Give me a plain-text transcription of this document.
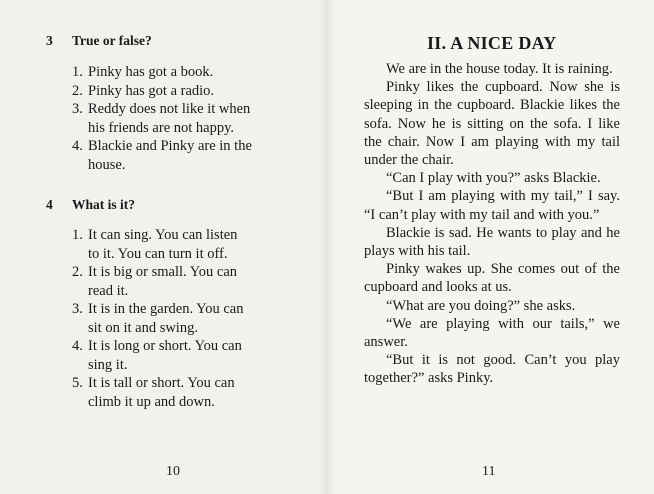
3 True or false?
1. Pinky has got a book.
2. Pinky has got a radio.
3. Reddy does not like it when
his friends are not happy.
4. Blackie and Pinky are in the
house.
4 What is it?
1. It can sing. You can listen
to it. You can turn it off.
2. It is big or small. You can
read it.
3. It is in the garden. You can
sit on it and swing.
4. It is long or short. You can
sing it.
5. It is tall or short. You can
climb it up and down.
10
II. A NICE DAY

We are in the house today. It is raining.

Pinky likes the cupboard. Now she is sleeping in the cupboard. Blackie likes the sofa. Now he is sitting on the sofa. I like the chair. Now I am playing with my tail under the chair.

“Can I play with you?” asks Blackie.

“But I am playing with my tail,” I say. “I can’t play with my tail and with you.”

Blackie is sad. He wants to play and he plays with his tail.

Pinky wakes up. She comes out of the cupboard and looks at us.

“What are you doing?” she asks.

“We are playing with our tails,” we answer.

“But it is not good. Can’t you play together?” asks Pinky.

11
